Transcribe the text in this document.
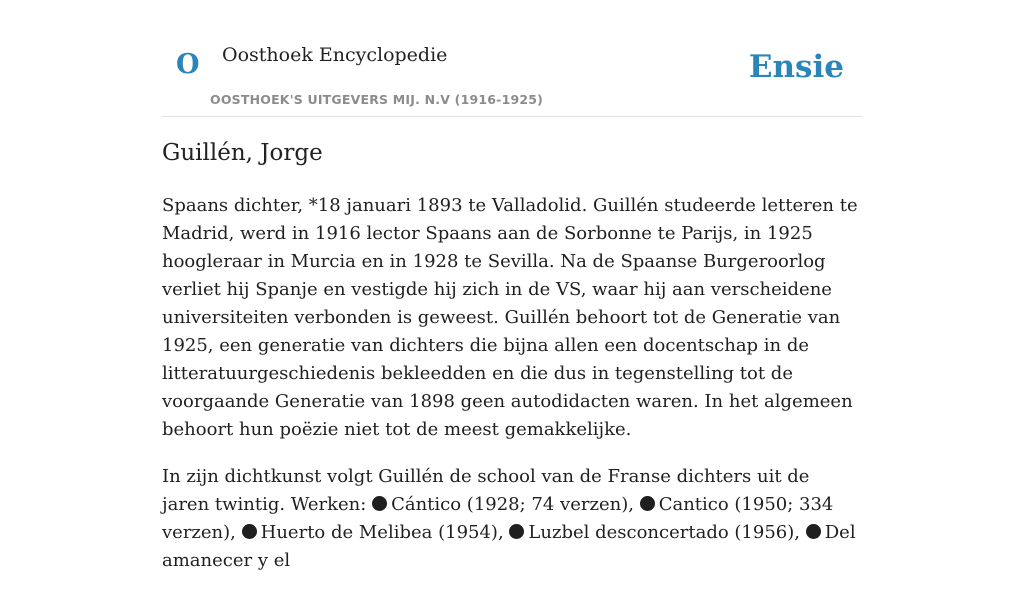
O Oosthoek Encyclopedie
OOSTHOEK'S UITGEVERS MIJ. N.V (1916-1925)
Ensie
Guillén, Jorge

Spaans dichter, *18 januari 1893 te Valladolid. Guillén studeerde letteren te Madrid, werd in 1916 lector Spaans aan de Sorbonne te Parijs, in 1925 hoogleraar in Murcia en in 1928 te Sevilla. Na de Spaanse Burgeroorlog verliet hij Spanje en vestigde hij zich in de VS, waar hij aan verscheidene universiteiten verbonden is geweest. Guillén behoort tot de Generatie van 1925, een generatie van dichters die bijna allen een docentschap in de litteratuurgeschiedenis bekleedden en die dus in tegenstelling tot de voorgaande Generatie van 1898 geen autodidacten waren. In het algemeen behoort hun poëzie niet tot de meest gemakkelijke.

In zijn dichtkunst volgt Guillén de school van de Franse dichters uit de jaren twintig. Werken: Cántico (1928; 74 verzen), Cantico (1950; 334 verzen), Huerto de Melibea (1954), Luzbel desconcertado (1956), Del amanecer y el
